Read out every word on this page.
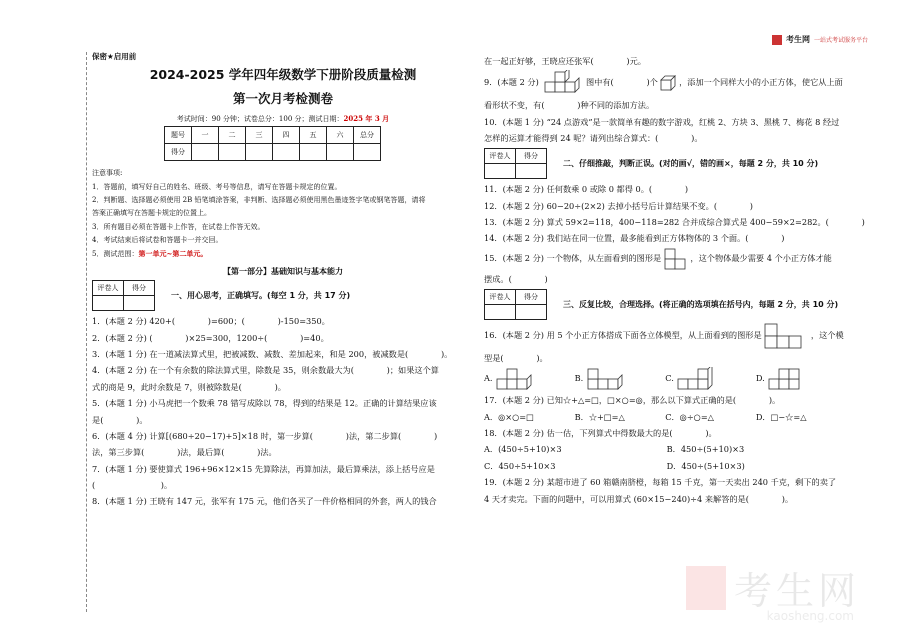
考生网 一站式考试服务平台
保密★启用前
2024-2025 学年四年级数学下册阶段质量检测
第一次月考检测卷
考试时间：90 分钟；试卷总分：100 分；测试日期：2025 年 3 月
题号	一	二	三	四	五	六	总分
得分							
注意事项:
1．答题前，填写好自己的姓名、班级、考号等信息，请写在答题卡规定的位置。
2．判断题、选择题必须使用 2B 铅笔填涂答案，非判断、选择题必须使用黑色墨迹签字笔或钢笔答题，请将
答案正确填写在答题卡规定的位置上。
3．所有题目必须在答题卡上作答，在试卷上作答无效。
4．考试结束后将试卷和答题卡一并交回。
5．测试范围：第一单元~第二单元。
【第一部分】基础知识与基本能力
评卷人	得分

一、用心思考，正确填写。(每空 1 分，共 17 分)
1．(本题 2 分) 420+(　　　　)=600；(　　　　)-150=350。
2．(本题 2 分) (　　　　)×25=300，1200÷(　　　　)=40。
3．(本题 1 分) 在一道减法算式里，把被减数、减数、差加起来，和是 200，被减数是(　　　　)。
4．(本题 2 分) 在一个有余数的除法算式里，除数是 35，则余数最大为(　　　　)；如果这个算
式的商是 9，此时余数是 7，则被除数是(　　　　)。
5．(本题 1 分) 小马虎把一个数乘 78 错写成除以 78，得到的结果是 12。正确的计算结果应该
是(　　　　)。
6．(本题 4 分) 计算[(680÷20−17)+5]×18 时，第一步算(　　　　)法，第二步算(　　　　)
法，第三步算(　　　　)法，最后算(　　　　)法。
7．(本题 1 分) 要使算式 196+96×12×15 先算除法，再算加法，最后算乘法，添上括号应是
(　　　　　　　　)。
8．(本题 1 分) 王晓有 147 元，张军有 175 元，他们各买了一件价格相同的外套，两人的钱合
在一起正好够，王晓应还张军(　　　　)元。
9．(本题 2 分)	图中有(　　　　)个	，添加一个同样大小的小正方体，使它从上面
看形状不变，有(　　　　)种不同的添加方法。
10．(本题 1 分) “24 点游戏”是一款简单有趣的数字游戏，红桃 2、方块 3、黑桃 7、梅花 8 经过
怎样的运算才能得到 24 呢？请列出综合算式：(　　　　)。
评卷人	得分

二、仔细推敲，判断正误。(对的画√，错的画×，每题 2 分，共 10 分)
11．(本题 2 分) 任何数乘 0 或除 0 都得 0。(　　　　)
12．(本题 2 分) 60−20÷(2×2) 去掉小括号后计算结果不变。(　　　　)
13．(本题 2 分) 算式 59×2=118，400−118=282 合并成综合算式是 400−59×2=282。(　　　　)
14．(本题 2 分) 我们站在同一位置，最多能看到正方体物体的 3 个面。(　　　　)
15．(本题 2 分) 一个物体，从左面看到的图形是	，这个物体最少需要 4 个小正方体才能
摆成。(　　　　)
评卷人	得分

三、反复比较，合理选择。(将正确的选项填在括号内，每题 2 分，共 10 分)
16．(本题 2 分) 用 5 个小正方体搭成下面各立体模型，从上面看到的图形是	，这个模
型是(　　　　)。
A.	B.	C.	D.
17．(本题 2 分) 已知☆+△=□，□×○=◎，那么以下算式正确的是(　　　　)。
A．◎×○=□	B．☆+□=△	C．◎÷○=△	D．□−☆=△
18．(本题 2 分) 估一估，下列算式中得数最大的是(　　　　)。
A．(450÷5+10)×3	B．450÷(5+10)×3
C．450÷5+10×3	D．450÷(5+10×3)
19．(本题 2 分) 某超市进了 60 箱赣南脐橙，每箱 15 千克，第一天卖出 240 千克，剩下的卖了
4 天才卖完。下面的问题中，可以用算式 (60×15−240)÷4 来解答的是(　　　　)。
考生网
kaosheng.com
